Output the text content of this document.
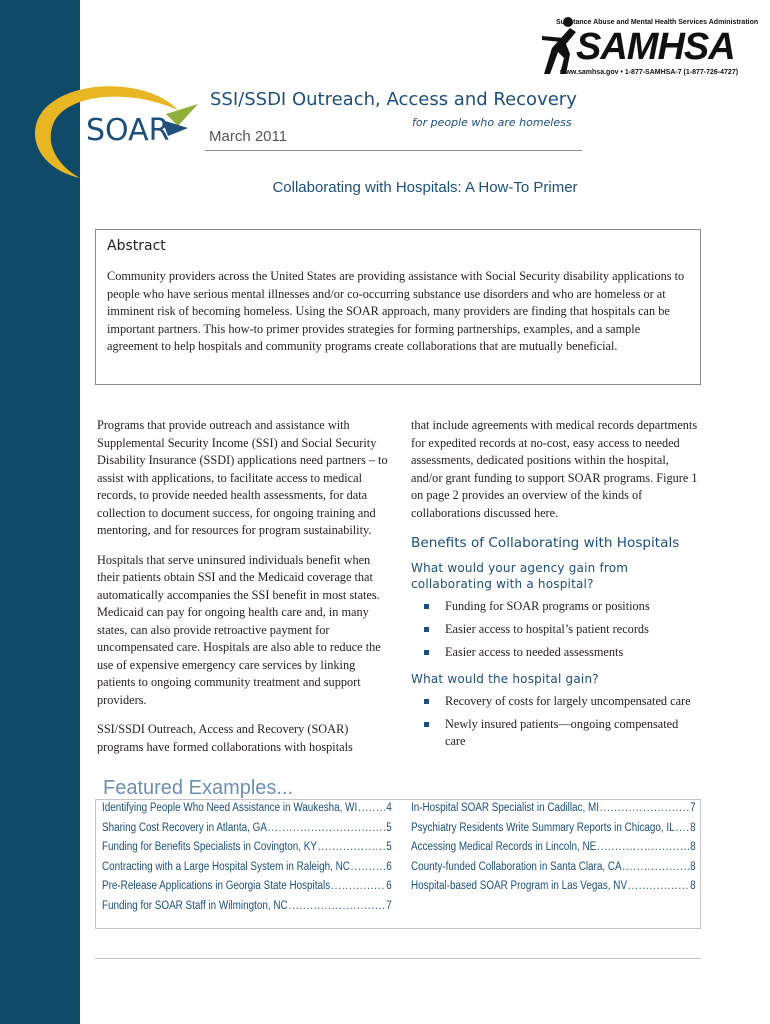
Substance Abuse and Mental Health Services Administration
SAMHSA
www.samhsa.gov • 1-877-SAMHSA-7 (1-877-726-4727)
SOAR
SSI/SSDI Outreach, Access and Recovery
for people who are homeless
March 2011
Collaborating with Hospitals: A How-To Primer
Abstract
Community providers across the United States are providing assistance with Social Security disability applications to people who have serious mental illnesses and/or co-occurring substance use disorders and who are homeless or at imminent risk of becoming homeless. Using the SOAR approach, many providers are finding that hospitals can be important partners. This how-to primer provides strategies for forming partnerships, examples, and a sample agreement to help hospitals and community programs create collaborations that are mutually beneficial.

Programs that provide outreach and assistance with Supplemental Security Income (SSI) and Social Security Disability Insurance (SSDI) applications need partners – to assist with applications, to facilitate access to medical records, to provide needed health assessments, for data collection to document success, for ongoing training and mentoring, and for resources for program sustainability.

Hospitals that serve uninsured individuals benefit when their patients obtain SSI and the Medicaid coverage that automatically accompanies the SSI benefit in most states. Medicaid can pay for ongoing health care and, in many states, can also provide retroactive payment for uncompensated care. Hospitals are also able to reduce the use of expensive emergency care services by linking patients to ongoing community treatment and support providers.

SSI/SSDI Outreach, Access and Recovery (SOAR) programs have formed collaborations with hospitals

that include agreements with medical records departments for expedited records at no-cost, easy access to needed assessments, dedicated positions within the hospital, and/or grant funding to support SOAR programs. Figure 1 on page 2 provides an overview of the kinds of collaborations discussed here.

Benefits of Collaborating with Hospitals
What would your agency gain from collaborating with a hospital?
Funding for SOAR programs or positions
Easier access to hospital’s patient records
Easier access to needed assessments
What would the hospital gain?
Recovery of costs for largely uncompensated care
Newly insured patients—ongoing compensated care
Featured Examples...
Identifying People Who Need Assistance in Waukesha, WI .....	4
Sharing Cost Recovery in Atlanta, GA .....	5
Funding for Benefits Specialists in Covington, KY .....	5
Contracting with a Large Hospital System in Raleigh, NC .....	6
Pre-Release Applications in Georgia State Hospitals .....	6
Funding for SOAR Staff in Wilmington, NC .....	7
In-Hospital SOAR Specialist in Cadillac, MI .....	7
Psychiatry Residents Write Summary Reports in Chicago, IL ..... 8
Accessing Medical Records in Lincoln, NE .....	8
County-funded Collaboration in Santa Clara, CA .....	8
Hospital-based SOAR Program in Las Vegas, NV .....	8
